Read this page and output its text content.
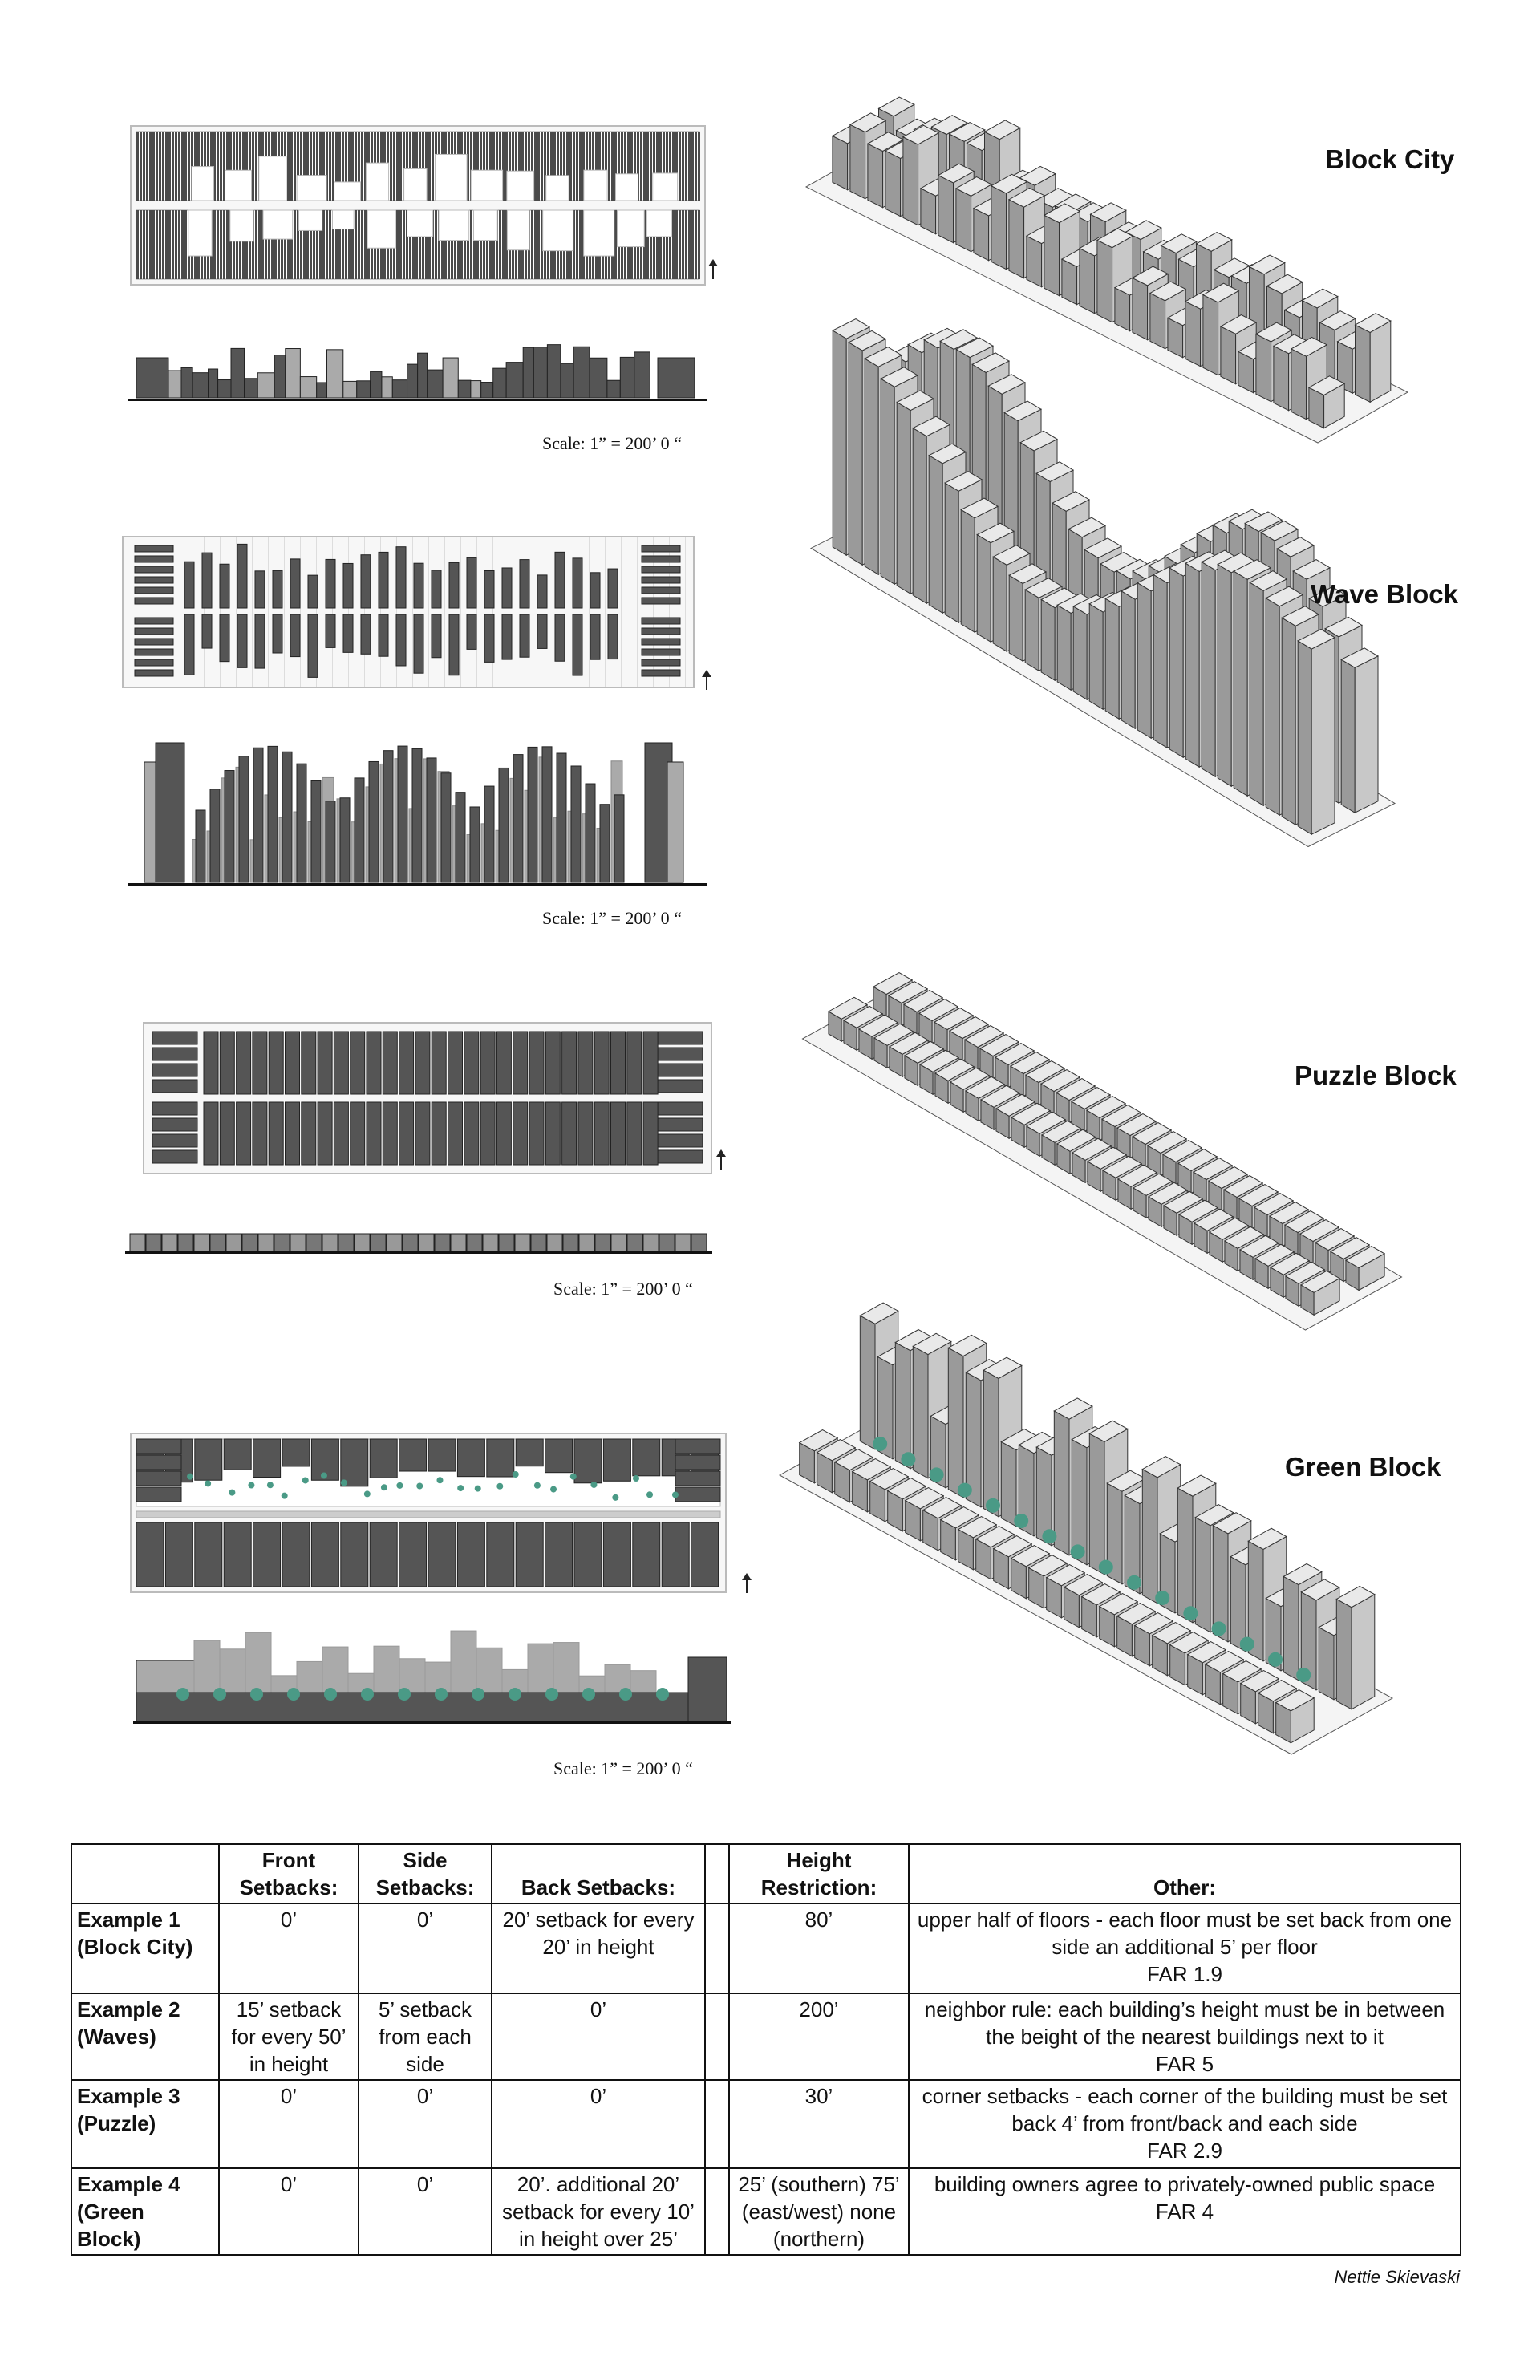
Scale: 1” = 200’ 0 “
Block City
Scale: 1” = 200’ 0 “
Wave Block
Scale: 1” = 200’ 0 “
Puzzle Block
Scale: 1” = 200’ 0 “
Green Block
	Front Setbacks:	Side Setbacks:	Back Setbacks:		Height Restriction:	Other:
Example 1 (Block City)	0’	0’	20’ setback for every 20’ in height		80’	upper half of floors - each floor must be set back from one side an additional 5’ per floor
FAR 1.9

Example 2 (Waves)	15’ setback for every 50’ in height	5’ setback from each side	0’		200’	neighbor rule: each building’s height must be in between the beight of the nearest buildings next to it
FAR 5

Example 3 (Puzzle)	0’	0’	0’		30’	corner setbacks - each corner of the building must be set back 4’ from front/back and each side
FAR 2.9

Example 4 (Green Block)	0’	0’	20’. additional 20’ setback for every 10’ in height over 25’		25’ (southern) 75’ (east/west) none (northern)	building owners agree to privately-owned public space
FAR 4
Nettie Skievaski
